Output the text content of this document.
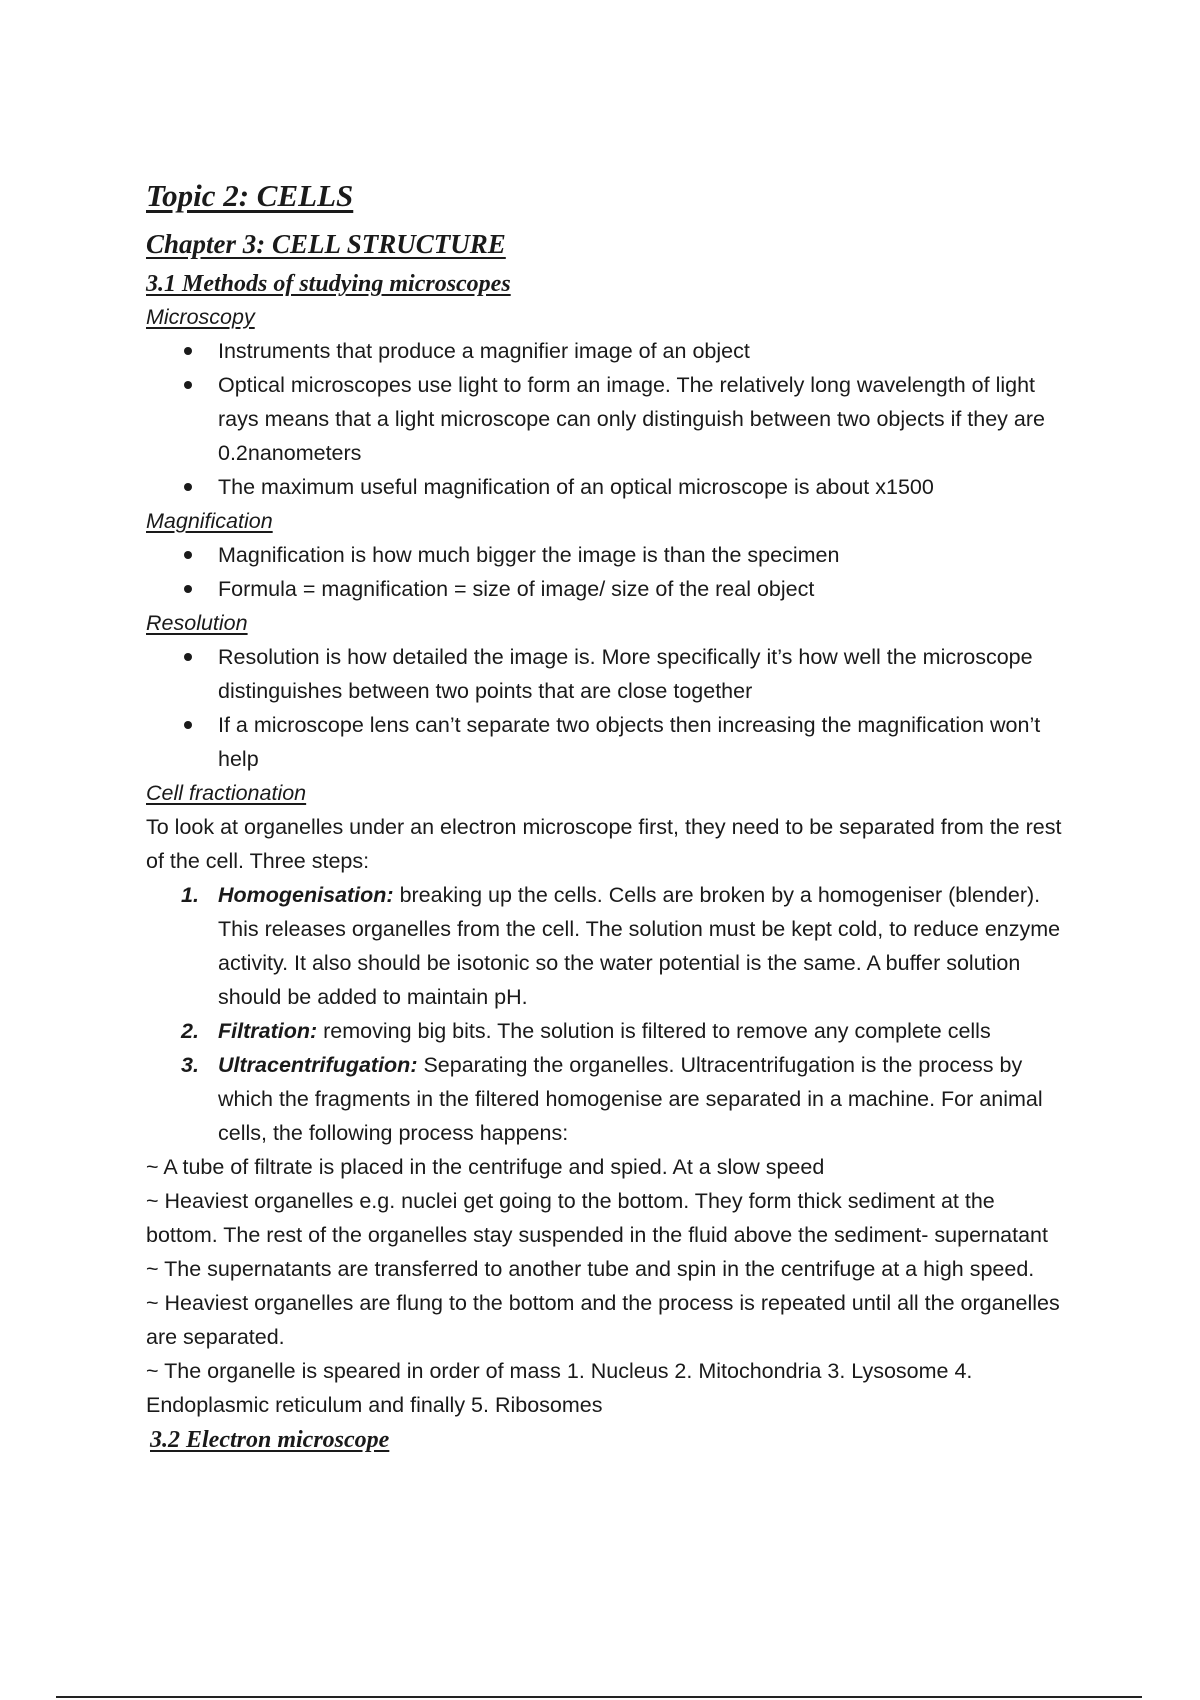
Topic 2: CELLS
Chapter 3: CELL STRUCTURE
3.1 Methods of studying microscopes

Microscopy

Instruments that produce a magnifier image of an object
Optical microscopes use light to form an image. The relatively long wavelength of light rays means that a light microscope can only distinguish between two objects if they are 0.2nanometers
The maximum useful magnification of an optical microscope is about x1500

Magnification

Magnification is how much bigger the image is than the specimen
Formula = magnification = size of image/ size of the real object

Resolution

Resolution is how detailed the image is. More specifically it’s how well the microscope distinguishes between two points that are close together
If a microscope lens can’t separate two objects then increasing the magnification won’t help

Cell fractionation

To look at organelles under an electron microscope first, they need to be separated from the rest of the cell. Three steps:

1. Homogenisation: breaking up the cells. Cells are broken by a homogeniser (blender). This releases organelles from the cell. The solution must be kept cold, to reduce enzyme activity. It also should be isotonic so the water potential is the same. A buffer solution should be added to maintain pH.
2. Filtration: removing big bits. The solution is filtered to remove any complete cells
3. Ultracentrifugation: Separating the organelles. Ultracentrifugation is the process by which the fragments in the filtered homogenise are separated in a machine. For animal cells, the following process happens:

~ A tube of filtrate is placed in the centrifuge and spied. At a slow speed

~ Heaviest organelles e.g. nuclei get going to the bottom. They form thick sediment at the bottom. The rest of the organelles stay suspended in the fluid above the sediment- supernatant

~ The supernatants are transferred to another tube and spin in the centrifuge at a high speed.

~ Heaviest organelles are flung to the bottom and the process is repeated until all the organelles are separated.

~ The organelle is speared in order of mass 1. Nucleus 2. Mitochondria 3. Lysosome 4. Endoplasmic reticulum and finally 5. Ribosomes

3.2 Electron microscope
